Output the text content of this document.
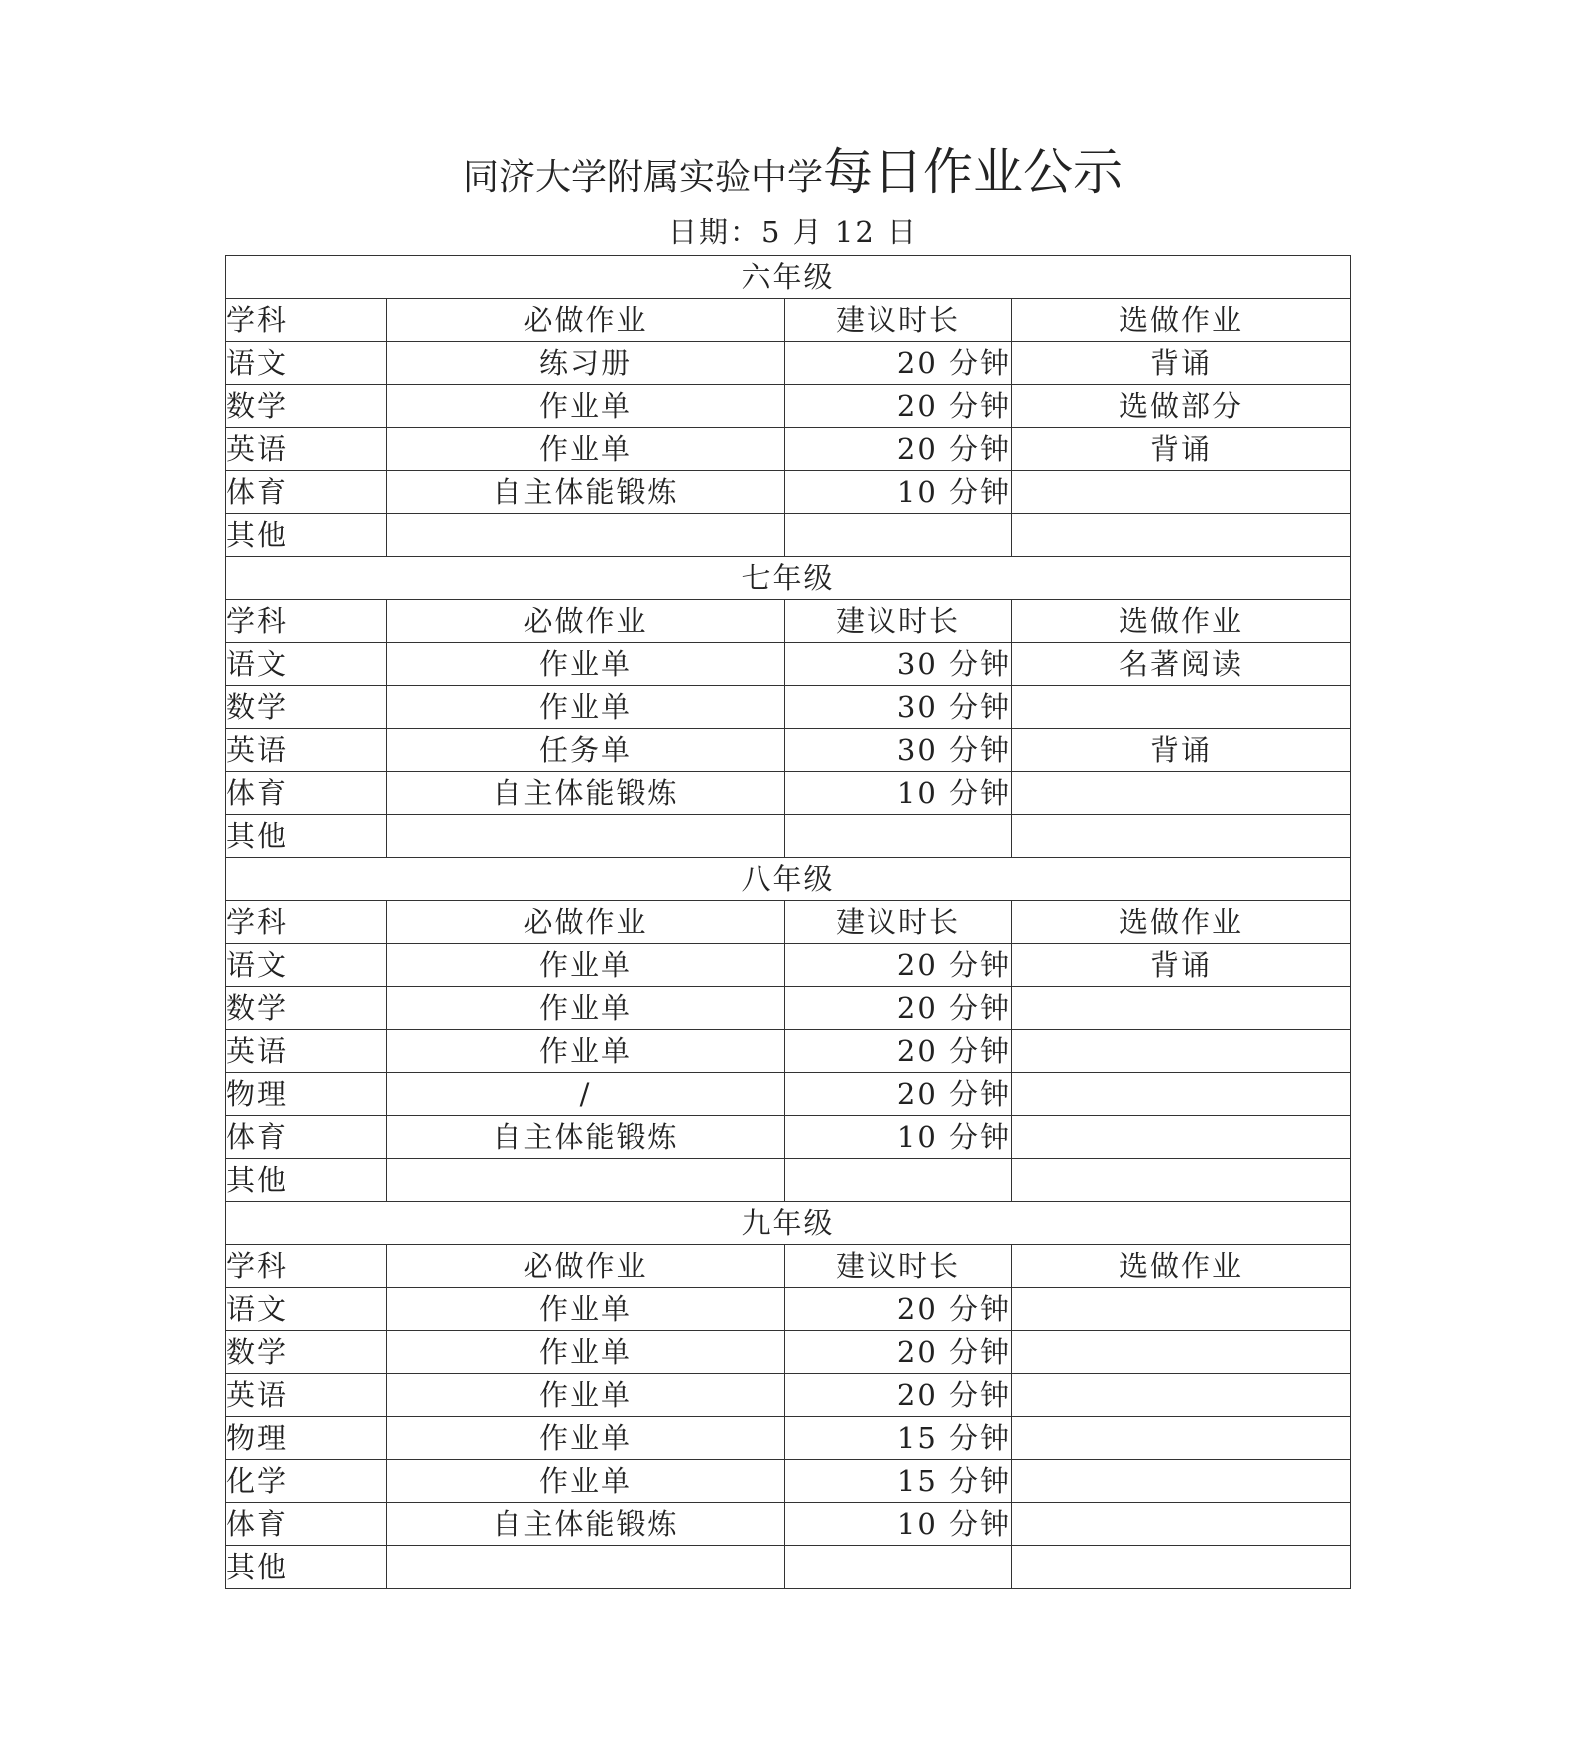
同济大学附属实验中学每日作业公示
日期：5 月 12 日
六年级			
学科	必做作业	建议时长	选做作业
语文	练习册	20 分钟	背诵
数学	作业单	20 分钟	选做部分
英语	作业单	20 分钟	背诵
体育	自主体能锻炼	10 分钟	
其他			
七年级			
学科	必做作业	建议时长	选做作业
语文	作业单	30 分钟	名著阅读
数学	作业单	30 分钟	
英语	任务单	30 分钟	背诵
体育	自主体能锻炼	10 分钟	
其他			
八年级			
学科	必做作业	建议时长	选做作业
语文	作业单	20 分钟	背诵
数学	作业单	20 分钟	
英语	作业单	20 分钟	
物理	/	20 分钟	
体育	自主体能锻炼	10 分钟	
其他			
九年级			
学科	必做作业	建议时长	选做作业
语文	作业单	20 分钟	
数学	作业单	20 分钟	
英语	作业单	20 分钟	
物理	作业单	15 分钟	
化学	作业单	15 分钟	
体育	自主体能锻炼	10 分钟	
其他			
